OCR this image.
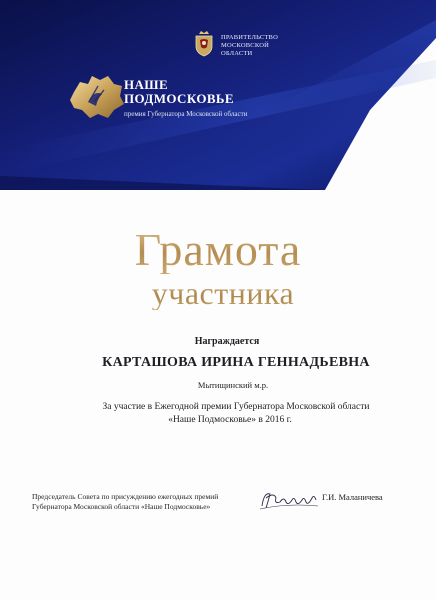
ПРАВИТЕЛЬСТВО
МОСКОВСКОЙ
ОБЛАСТИ
НАШЕ
ПОДМОСКОВЬЕ
премия Губернатора Московской области
Грамота
участника
Награждается
КАРТАШОВА ИРИНА ГЕННАДЬЕВНА
Мытищинский м.р.
За участие в Ежегодной премии Губернатора Московской области
«Наше Подмосковье» в 2016 г.
Председатель Совета по присуждению ежегодных премий
Губернатора Московской области «Наше Подмосковье»
Г.И. Маланичева
